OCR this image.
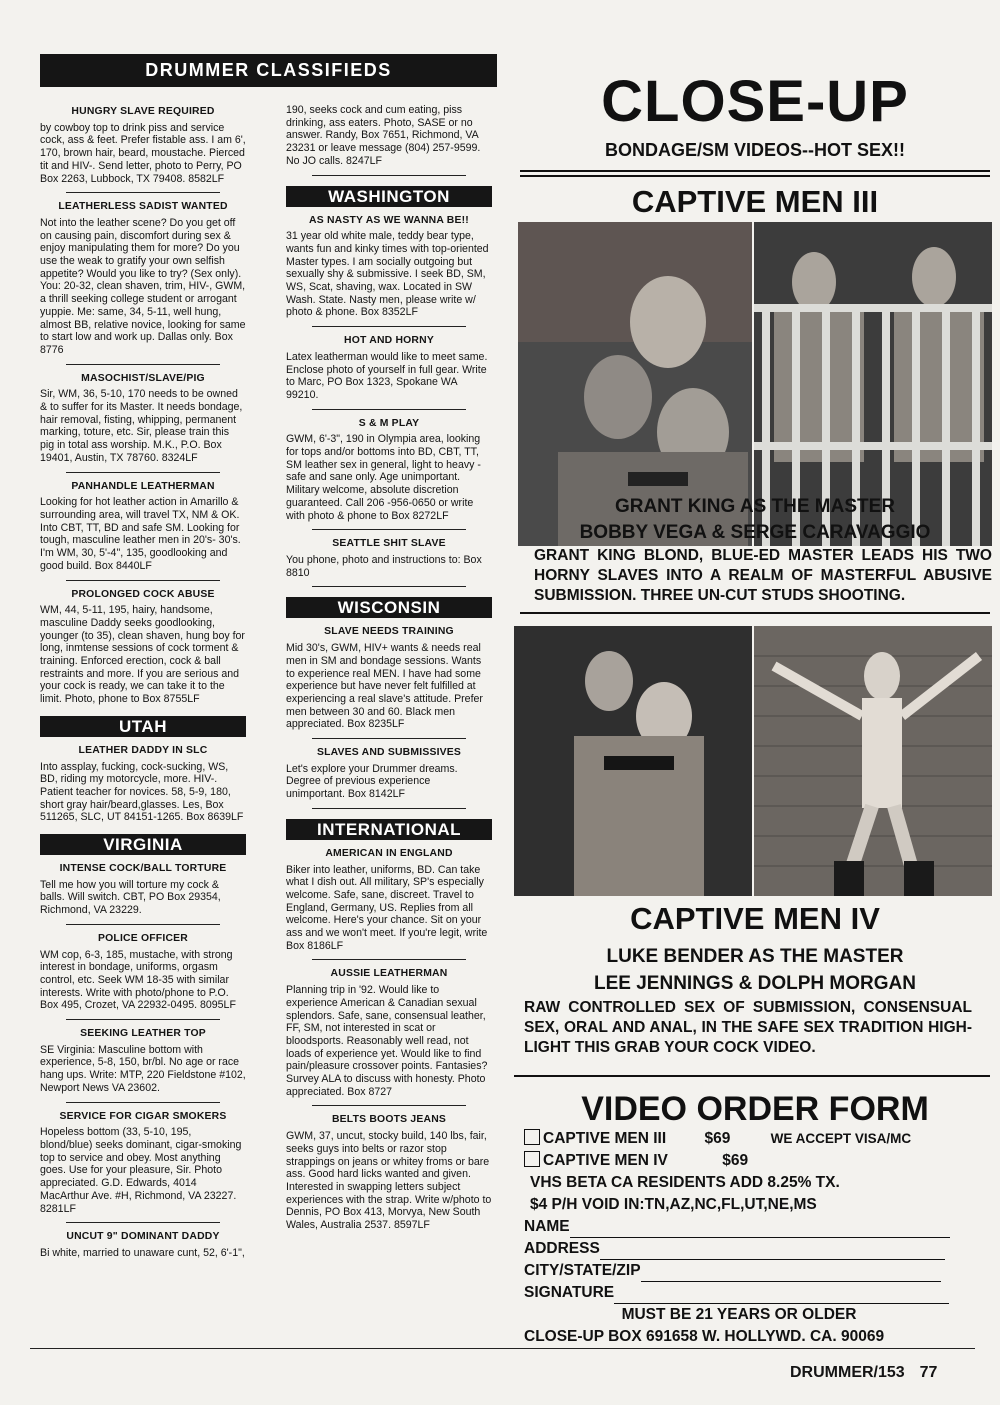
DRUMMER CLASSIFIEDS
HUNGRY SLAVE REQUIRED
by cowboy top to drink piss and service cock, ass & feet. Prefer fistable ass. I am 6', 170, brown hair, beard, moustache. Pierced tit and HIV-. Send letter, photo to Perry, PO Box 2263, Lubbock, TX 79408. 8582LF
LEATHERLESS SADIST WANTED
Not into the leather scene? Do you get off on causing pain, discomfort during sex & enjoy manipulating them for more? Do you use the weak to gratify your own selfish appetite? Would you like to try? (Sex only). You: 20-32, clean shaven, trim, HIV-, GWM, a thrill seeking college student or arrogant yuppie. Me: same, 34, 5-11, well hung, almost BB, relative novice, looking for same to start low and work up. Dallas only. Box 8776
MASOCHIST/SLAVE/PIG
Sir, WM, 36, 5-10, 170 needs to be owned & to suffer for its Master. It needs bondage, hair removal, fisting, whipping, permanent marking, toture, etc. Sir, please train this pig in total ass worship. M.K., P.O. Box 19401, Austin, TX 78760. 8324LF
PANHANDLE LEATHERMAN
Looking for hot leather action in Amarillo & surrounding area, will travel TX, NM & OK. Into CBT, TT, BD and safe SM. Looking for tough, masculine leather men in 20's- 30's. I'm WM, 30, 5'-4", 135, goodlooking and good build. Box 8440LF
PROLONGED COCK ABUSE
WM, 44, 5-11, 195, hairy, handsome, masculine Daddy seeks goodlooking, younger (to 35), clean shaven, hung boy for long, inmtense sessions of cock torment & training. Enforced erection, cock & ball restraints and more. If you are serious and your cock is ready, we can take it to the limit. Photo, phone to Box 8755LF
UTAH
LEATHER DADDY IN SLC
Into assplay, fucking, cock-sucking, WS, BD, riding my motorcycle, more. HIV-. Patient teacher for novices. 58, 5-9, 180, short gray hair/beard,glasses. Les, Box 511265, SLC, UT 84151-1265. Box 8639LF
VIRGINIA
INTENSE COCK/BALL TORTURE
Tell me how you will torture my cock & balls. Will switch. CBT, PO Box 29354, Richmond, VA 23229.
POLICE OFFICER
WM cop, 6-3, 185, mustache, with strong interest in bondage, uniforms, orgasm control, etc. Seek WM 18-35 with similar interests. Write with photo/phone to P.O. Box 495, Crozet, VA 22932-0495. 8095LF
SEEKING LEATHER TOP
SE Virginia: Masculine bottom with experience, 5-8, 150, br/bl. No age or race hang ups. Write: MTP, 220 Fieldstone #102, Newport News VA 23602.
SERVICE FOR CIGAR SMOKERS
Hopeless bottom (33, 5-10, 195, blond/blue) seeks dominant, cigar-smoking top to service and obey. Most anything goes. Use for your pleasure, Sir. Photo appreciated. G.D. Edwards, 4014 MacArthur Ave. #H, Richmond, VA 23227. 8281LF
UNCUT 9" DOMINANT DADDY
Bi white, married to unaware cunt, 52, 6'-1",
190, seeks cock and cum eating, piss drinking, ass eaters. Photo, SASE or no answer. Randy, Box 7651, Richmond, VA 23231 or leave message (804) 257-9599. No JO calls. 8247LF
WASHINGTON
AS NASTY AS WE WANNA BE!!
31 year old white male, teddy bear type, wants fun and kinky times with top-oriented Master types. I am socially outgoing but sexually shy & submissive. I seek BD, SM, WS, Scat, shaving, wax. Located in SW Wash. State. Nasty men, please write w/ photo & phone. Box 8352LF
HOT AND HORNY
Latex leatherman would like to meet same. Enclose photo of yourself in full gear. Write to Marc, PO Box 1323, Spokane WA 99210.
S & M PLAY
GWM, 6'-3", 190 in Olympia area, looking for tops and/or bottoms into BD, CBT, TT, SM leather sex in general, light to heavy - safe and sane only. Age unimportant. Military welcome, absolute discretion guaranteed. Call 206 -956-0650 or write with photo & phone to Box 8272LF
SEATTLE SHIT SLAVE
You phone, photo and instructions to: Box 8810
WISCONSIN
SLAVE NEEDS TRAINING
Mid 30's, GWM, HIV+ wants & needs real men in SM and bondage sessions. Wants to experience real MEN. I have had some experience but have never felt fulfilled at experiencing a real slave's attitude. Prefer men between 30 and 60. Black men appreciated. Box 8235LF
SLAVES AND SUBMISSIVES
Let's explore your Drummer dreams. Degree of previous experience unimportant. Box 8142LF
INTERNATIONAL
AMERICAN IN ENGLAND
Biker into leather, uniforms, BD. Can take what I dish out. All military, SP's especially welcome. Safe, sane, discreet. Travel to England, Germany, US. Replies from all welcome. Here's your chance. Sit on your ass and we won't meet. If you're legit, write Box 8186LF
AUSSIE LEATHERMAN
Planning trip in '92. Would like to experience American & Canadian sexual splendors. Safe, sane, consensual leather, FF, SM, not interested in scat or bloodsports. Reasonably well read, not loads of experience yet. Would like to find pain/pleasure crossover points. Fantasies? Survey ALA to discuss with honesty. Photo appreciated. Box 8727
BELTS BOOTS JEANS
GWM, 37, uncut, stocky build, 140 lbs, fair, seeks guys into belts or razor stop strappings on jeans or whitey froms or bare ass. Good hard licks wanted and given. Interested in swapping letters subject experiences with the strap. Write w/photo to Dennis, PO Box 413, Morvya, New South Wales, Australia 2537. 8597LF
CLOSE-UP
BONDAGE/SM VIDEOS--HOT SEX!!
CAPTIVE MEN III
GRANT KING AS THE MASTER
BOBBY VEGA & SERGE CARAVAGGIO
GRANT KING BLOND, BLUE-ED MASTER LEADS HIS TWO HORNY SLAVES INTO A REALM OF MASTERFUL ABUSIVE SUBMISSION. THREE UN-CUT STUDS SHOOTING.
CAPTIVE MEN IV
LUKE BENDER AS THE MASTER
LEE JENNINGS & DOLPH MORGAN
RAW CONTROLLED SEX OF SUBMISSION, CONSENSUAL SEX, ORAL AND ANAL, IN THE SAFE SEX TRADITION HIGH-LIGHT THIS GRAB YOUR COCK VIDEO.
VIDEO ORDER FORM
CAPTIVE MEN III $69	WE ACCEPT VISA/MC
CAPTIVE MEN IV	$69
VHS BETA CA RESIDENTS ADD 8.25% TX.
$4 P/H VOID IN:TN,AZ,NC,FL,UT,NE,MS
NAME
ADDRESS
CITY/STATE/ZIP
SIGNATURE
MUST BE 21 YEARS OR OLDER
CLOSE-UP BOX 691658 W. HOLLYWD. CA. 90069
DRUMMER/153 77
